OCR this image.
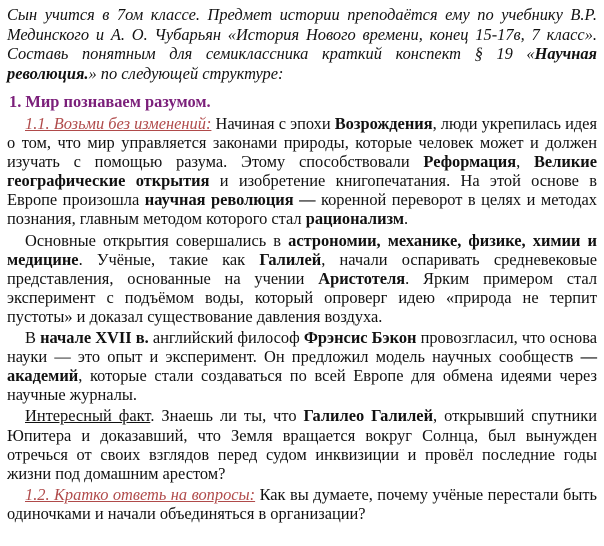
Сын учится в 7ом классе. Предмет истории преподаётся ему по учебнику В.Р. Мединского и А. О. Чубарьян «История Нового времени, конец 15-17в, 7 класс». Составь понятным для семиклассника краткий конспект § 19 «Научная революция.» по следующей структуре:

1. Мир познаваем разумом.

1.1. Возьми без изменений: Начиная с эпохи Возрождения, люди укрепилась идея о том, что мир управляется законами природы, которые человек может и должен изучать с помощью разума. Этому способствовали Реформация, Великие географические открытия и изобретение книгопечатания. На этой основе в Европе произошла научная революция — коренной переворот в целях и методах познания, главным методом которого стал рационализм.

Основные открытия совершались в астрономии, механике, физике, химии и медицине. Учёные, такие как Галилей, начали оспаривать средневековые представления, основанные на учении Аристотеля. Ярким примером стал эксперимент с подъёмом воды, который опроверг идею «природа не терпит пустоты» и доказал существование давления воздуха.

В начале XVII в. английский философ Фрэнсис Бэкон провозгласил, что основа науки — это опыт и эксперимент. Он предложил модель научных сообществ — академий, которые стали создаваться по всей Европе для обмена идеями через научные журналы.

Интересный факт. Знаешь ли ты, что Галилео Галилей, открывший спутники Юпитера и доказавший, что Земля вращается вокруг Солнца, был вынужден отречься от своих взглядов перед судом инквизиции и провёл последние годы жизни под домашним арестом?

1.2. Кратко ответь на вопросы: Как вы думаете, почему учёные перестали быть одиночками и начали объединяться в организации?
